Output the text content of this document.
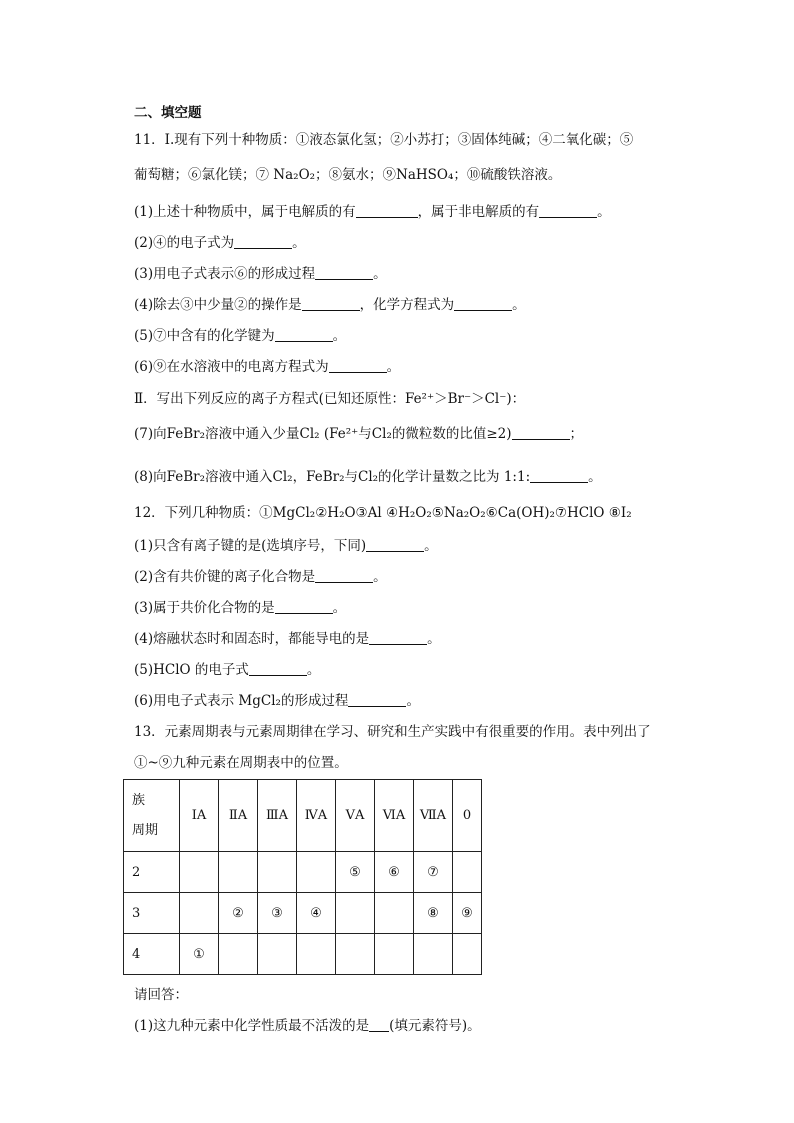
二、填空题
11．Ⅰ.现有下列十种物质：①液态氯化氢；②小苏打；③固体纯碱；④二氧化碳；⑤
葡萄糖；⑥氯化镁；⑦ Na₂O₂；⑧氨水；⑨NaHSO₄；⑩硫酸铁溶液。
(1)上述十种物质中，属于电解质的有	，属于非电解质的有	。
(2)④的电子式为	。
(3)用电子式表示⑥的形成过程	。
(4)除去③中少量②的操作是	，化学方程式为	。
(5)⑦中含有的化学键为	。
(6)⑨在水溶液中的电离方程式为	。
Ⅱ．写出下列反应的离子方程式(已知还原性：Fe²⁺＞Br⁻＞Cl⁻)：
(7)向FeBr₂溶液中通入少量Cl₂ (Fe²⁺与Cl₂的微粒数的比值≥2)	；
(8)向FeBr₂溶液中通入Cl₂，FeBr₂与Cl₂的化学计量数之比为 1:1:	。
12．下列几种物质：①MgCl₂②H₂O③Al ④H₂O₂⑤Na₂O₂⑥Ca(OH)₂⑦HClO ⑧I₂
(1)只含有离子键的是(选填序号，下同)	。
(2)含有共价键的离子化合物是	。
(3)属于共价化合物的是	。
(4)熔融状态时和固态时，都能导电的是	。
(5)HClO 的电子式	。
(6)用电子式表示 MgCl₂的形成过程	。
13．元素周期表与元素周期律在学习、研究和生产实践中有很重要的作用。表中列出了
①~⑨九种元素在周期表中的位置。
族
周期	ⅠA	ⅡA	ⅢA	ⅣA	ⅤA	ⅥA	ⅦA	0
2					⑤	⑥	⑦	
3		②	③	④			⑧	⑨
4	①							
请回答：
(1)这九种元素中化学性质最不活泼的是 (填元素符号)。
